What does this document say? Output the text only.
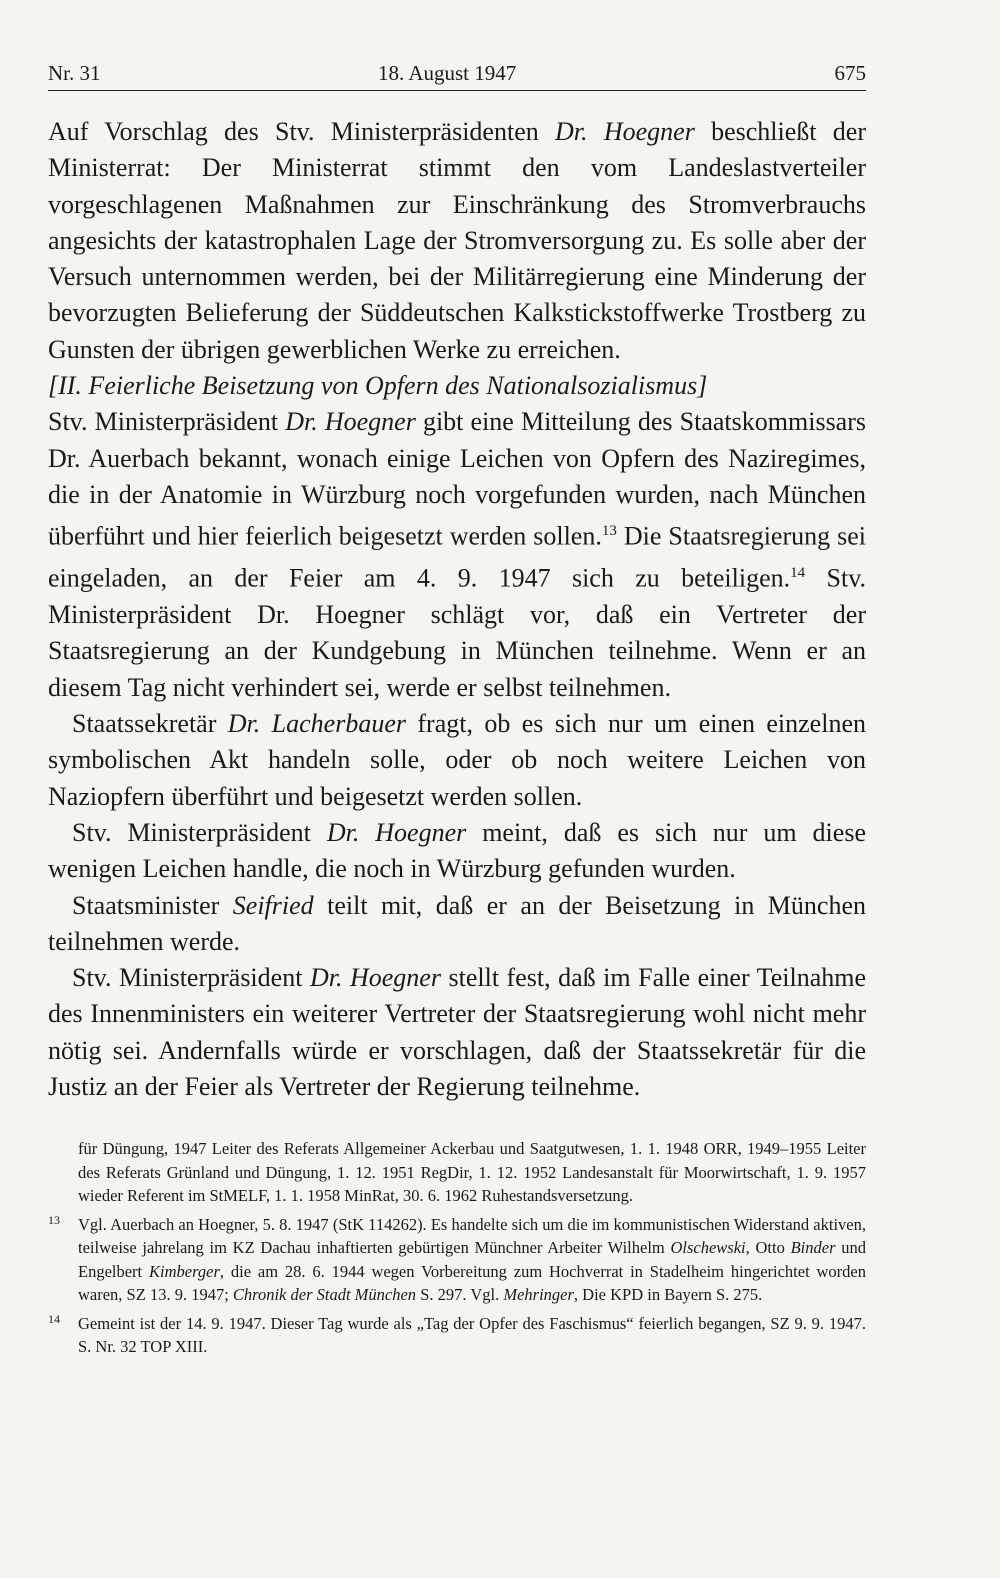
Nr. 31	18. August 1947	675

Auf Vorschlag des Stv. Ministerpräsidenten Dr. Hoegner beschließt der Ministerrat: Der Ministerrat stimmt den vom Landeslastverteiler vorgeschlagenen Maßnahmen zur Einschränkung des Stromverbrauchs angesichts der katastrophalen Lage der Stromversorgung zu. Es solle aber der Versuch unternommen werden, bei der Militärregierung eine Minderung der bevorzugten Belieferung der Süddeutschen Kalkstickstoffwerke Trostberg zu Gunsten der übrigen gewerblichen Werke zu erreichen.

[II. Feierliche Beisetzung von Opfern des Nationalsozialismus]

Stv. Ministerpräsident Dr. Hoegner gibt eine Mitteilung des Staatskommissars Dr. Auerbach bekannt, wonach einige Leichen von Opfern des Naziregimes, die in der Anatomie in Würzburg noch vorgefunden wurden, nach München überführt und hier feierlich beigesetzt werden sollen.$^{13}$ Die Staatsregierung sei eingeladen, an der Feier am 4. 9. 1947 sich zu beteiligen.$^{14}$ Stv. Ministerpräsident Dr. Hoegner schlägt vor, daß ein Vertreter der Staatsregierung an der Kundgebung in München teilnehme. Wenn er an diesem Tag nicht verhindert sei, werde er selbst teilnehmen.

Staatssekretär Dr. Lacherbauer fragt, ob es sich nur um einen einzelnen symbolischen Akt handeln solle, oder ob noch weitere Leichen von Naziopfern überführt und beigesetzt werden sollen.

Stv. Ministerpräsident Dr. Hoegner meint, daß es sich nur um diese wenigen Leichen handle, die noch in Würzburg gefunden wurden.

Staatsminister Seifried teilt mit, daß er an der Beisetzung in München teilnehmen werde.

Stv. Ministerpräsident Dr. Hoegner stellt fest, daß im Falle einer Teilnahme des Innenministers ein weiterer Vertreter der Staatsregierung wohl nicht mehr nötig sei. Andernfalls würde er vorschlagen, daß der Staatssekretär für die Justiz an der Feier als Vertreter der Regierung teilnehme.

für Düngung, 1947 Leiter des Referats Allgemeiner Ackerbau und Saatgutwesen, 1. 1. 1948 ORR, 1949–1955 Leiter des Referats Grünland und Düngung, 1. 12. 1951 RegDir, 1. 12. 1952 Landesanstalt für Moorwirtschaft, 1. 9. 1957 wieder Referent im StMELF, 1. 1. 1958 MinRat, 30. 6. 1962 Ruhestandsversetzung.

13 Vgl. Auerbach an Hoegner, 5. 8. 1947 (StK 114262). Es handelte sich um die im kommunistischen Widerstand aktiven, teilweise jahrelang im KZ Dachau inhaftierten gebürtigen Münchner Arbeiter Wilhelm Olschewski, Otto Binder und Engelbert Kimberger, die am 28. 6. 1944 wegen Vorbereitung zum Hochverrat in Stadelheim hingerichtet worden waren, SZ 13. 9. 1947; Chronik der Stadt München S. 297. Vgl. Mehringer, Die KPD in Bayern S. 275.

14 Gemeint ist der 14. 9. 1947. Dieser Tag wurde als „Tag der Opfer des Faschismus“ feierlich begangen, SZ 9. 9. 1947. S. Nr. 32 TOP XIII.
